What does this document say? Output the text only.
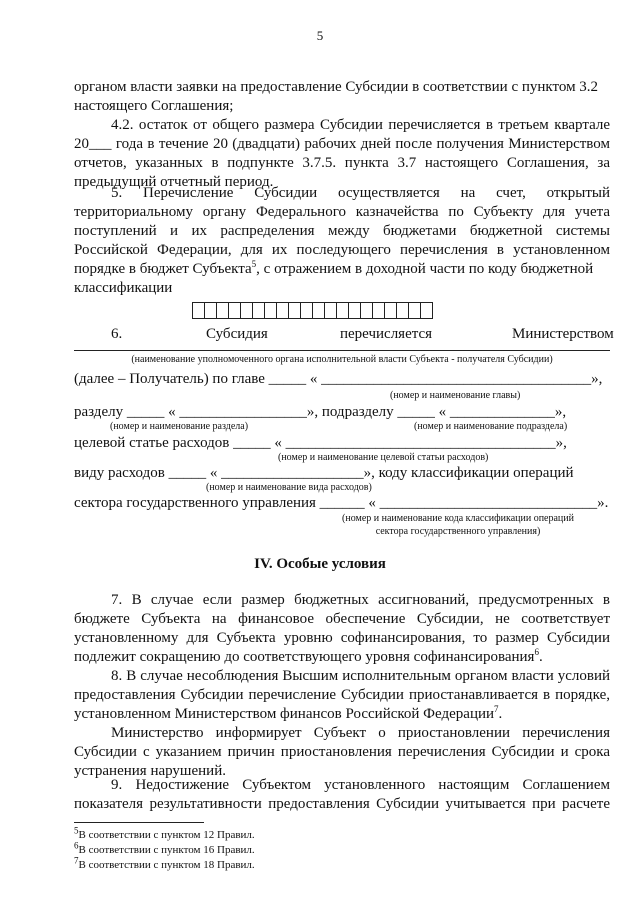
5
органом власти заявки на предоставление Субсидии в соответствии с пунктом 3.2
настоящего Соглашения;
4.2. остаток от общего размера Субсидии перечисляется в третьем квартале
20___ года в течение 20 (двадцати) рабочих дней после получения Министерством
отчетов, указанных в подпункте 3.7.5. пункта 3.7 настоящего Соглашения, за
предыдущий отчетный период.
5. Перечисление Субсидии осуществляется на счет, открытый
территориальному органу Федерального казначейства по Субъекту для учета
поступлений и их распределения между бюджетами бюджетной системы
Российской Федерации, для их последующего перечисления в установленном
порядке в бюджет Субъекта$^5$, с отражением в доходной части по коду бюджетной
классификации
6.	Субсидия	перечисляется	Министерством
(наименование уполномоченного органа исполнительной власти Субъекта - получателя Субсидии)
(далее – Получатель) по главе _____ « ____________________________________»,
(номер и наименование главы)
разделу _____ « _________________», подразделу _____ « ______________»,
(номер и наименование раздела)	(номер и наименование подраздела)
целевой статье расходов _____ « ____________________________________»,
(номер и наименование целевой статьи расходов)
виду расходов _____ « ___________________», коду классификации операций
(номер и наименование вида расходов)
сектора государственного управления ______ « _____________________________».
(номер и наименование кода классификации операций
сектора государственного управления)
IV. Особые условия
7. В случае если размер бюджетных ассигнований, предусмотренных в
бюджете Субъекта на финансовое обеспечение Субсидии, не соответствует
установленному для Субъекта уровню софинансирования, то размер Субсидии
подлежит сокращению до соответствующего уровня софинансирования$^6$.
8. В случае несоблюдения Высшим исполнительным органом власти условий
предоставления Субсидии перечисление Субсидии приостанавливается в порядке,
установленном Министерством финансов Российской Федерации$^7$.
Министерство информирует Субъект о приостановлении перечисления
Субсидии с указанием причин приостановления перечисления Субсидии и срока
устранения нарушений.
9. Недостижение Субъектом установленного настоящим Соглашением
показателя результативности предоставления Субсидии учитывается при расчете
$^5$В соответствии с пунктом 12 Правил.
$^6$В соответствии с пунктом 16 Правил.
$^7$В соответствии с пунктом 18 Правил.
